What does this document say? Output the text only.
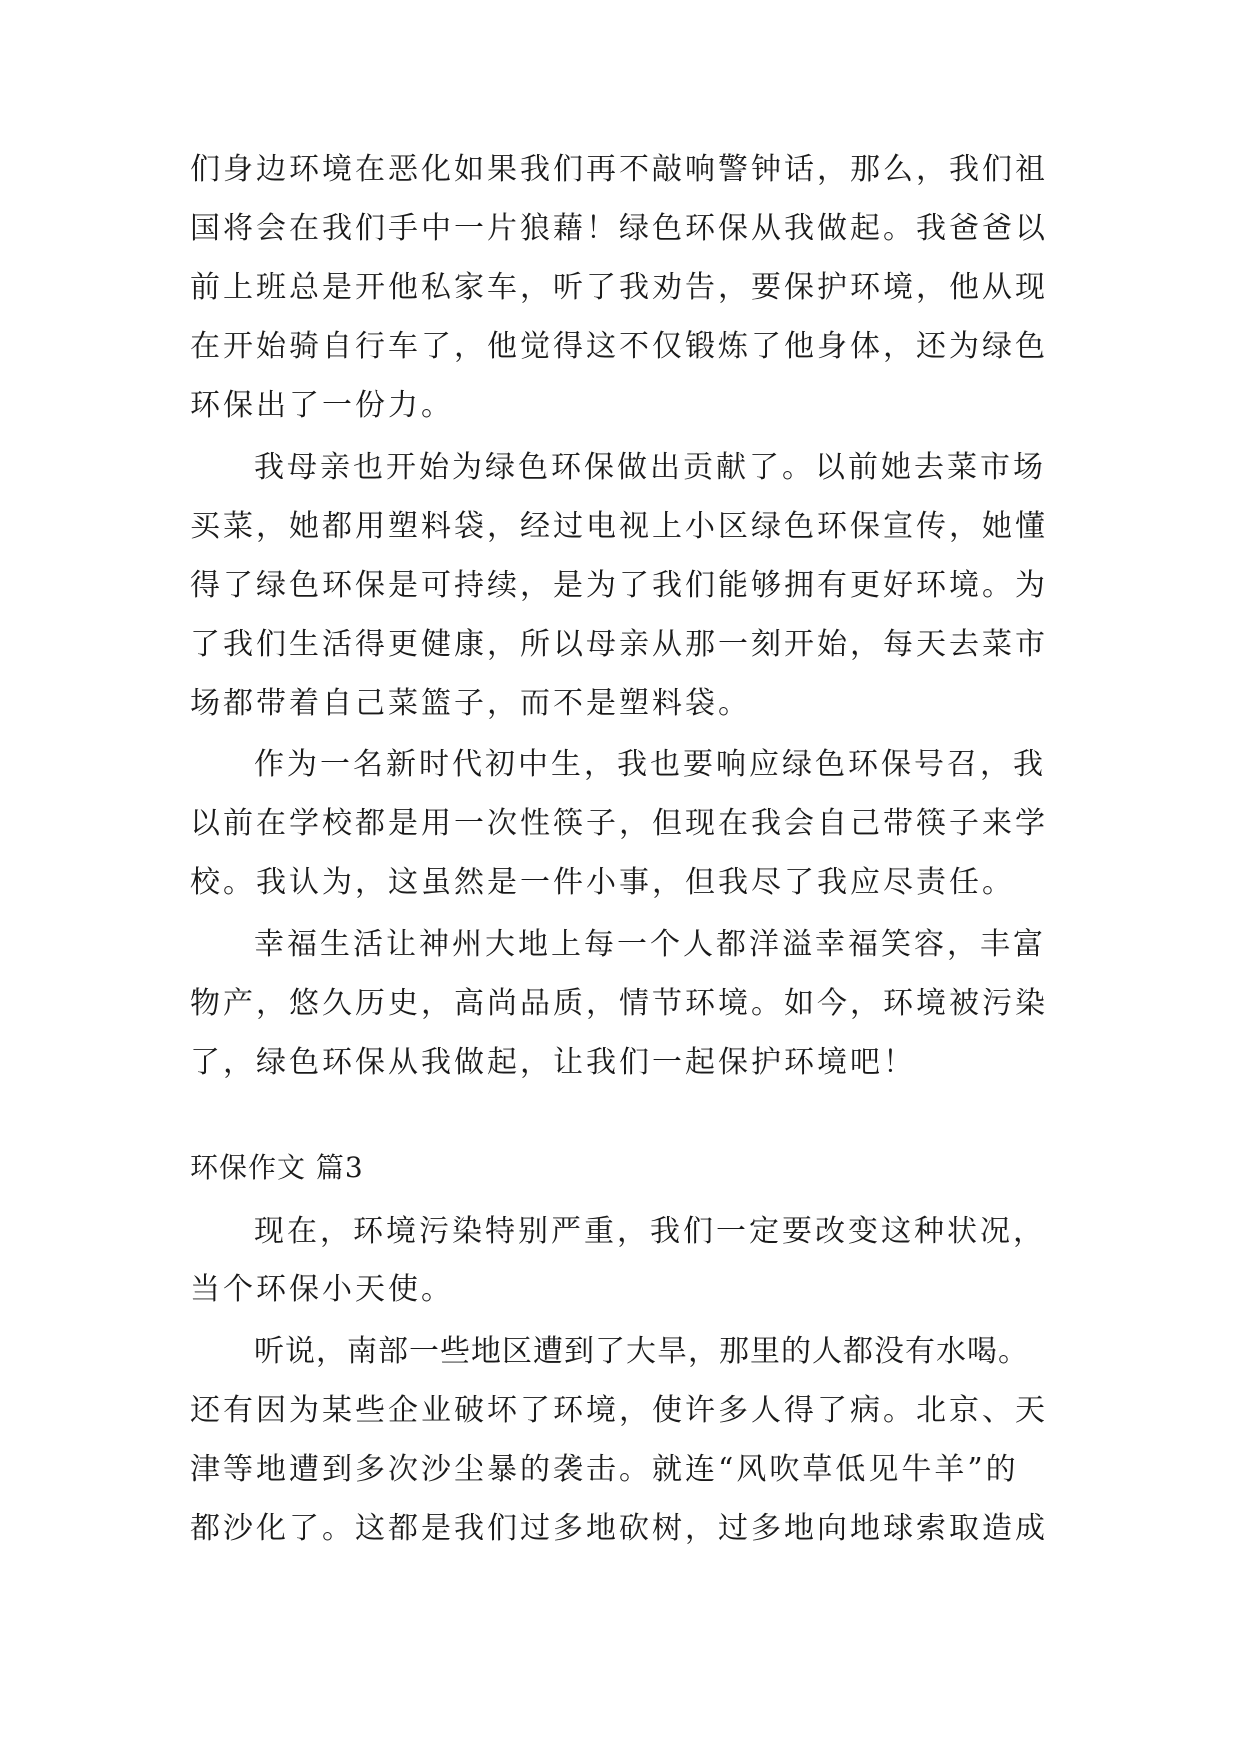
们身边环境在恶化如果我们再不敲响警钟话，那么，我们祖
国将会在我们手中一片狼藉！绿色环保从我做起。我爸爸以
前上班总是开他私家车，听了我劝告，要保护环境，他从现
在开始骑自行车了，他觉得这不仅锻炼了他身体，还为绿色
环保出了一份力。
我母亲也开始为绿色环保做出贡献了。以前她去菜市场
买菜，她都用塑料袋，经过电视上小区绿色环保宣传，她懂
得了绿色环保是可持续，是为了我们能够拥有更好环境。为
了我们生活得更健康，所以母亲从那一刻开始，每天去菜市
场都带着自己菜篮子，而不是塑料袋。
作为一名新时代初中生，我也要响应绿色环保号召，我
以前在学校都是用一次性筷子，但现在我会自己带筷子来学
校。我认为，这虽然是一件小事，但我尽了我应尽责任。
幸福生活让神州大地上每一个人都洋溢幸福笑容，丰富
物产，悠久历史，高尚品质，情节环境。如今，环境被污染
了，绿色环保从我做起，让我们一起保护环境吧！
环保作文 篇3
现在，环境污染特别严重，我们一定要改变这种状况，
当个环保小天使。
听说，南部一些地区遭到了大旱，那里的人都没有水喝。
还有因为某些企业破坏了环境，使许多人得了病。北京、天
津等地遭到多次沙尘暴的袭击。就连“风吹草低见牛羊”的
都沙化了。这都是我们过多地砍树，过多地向地球索取造成
